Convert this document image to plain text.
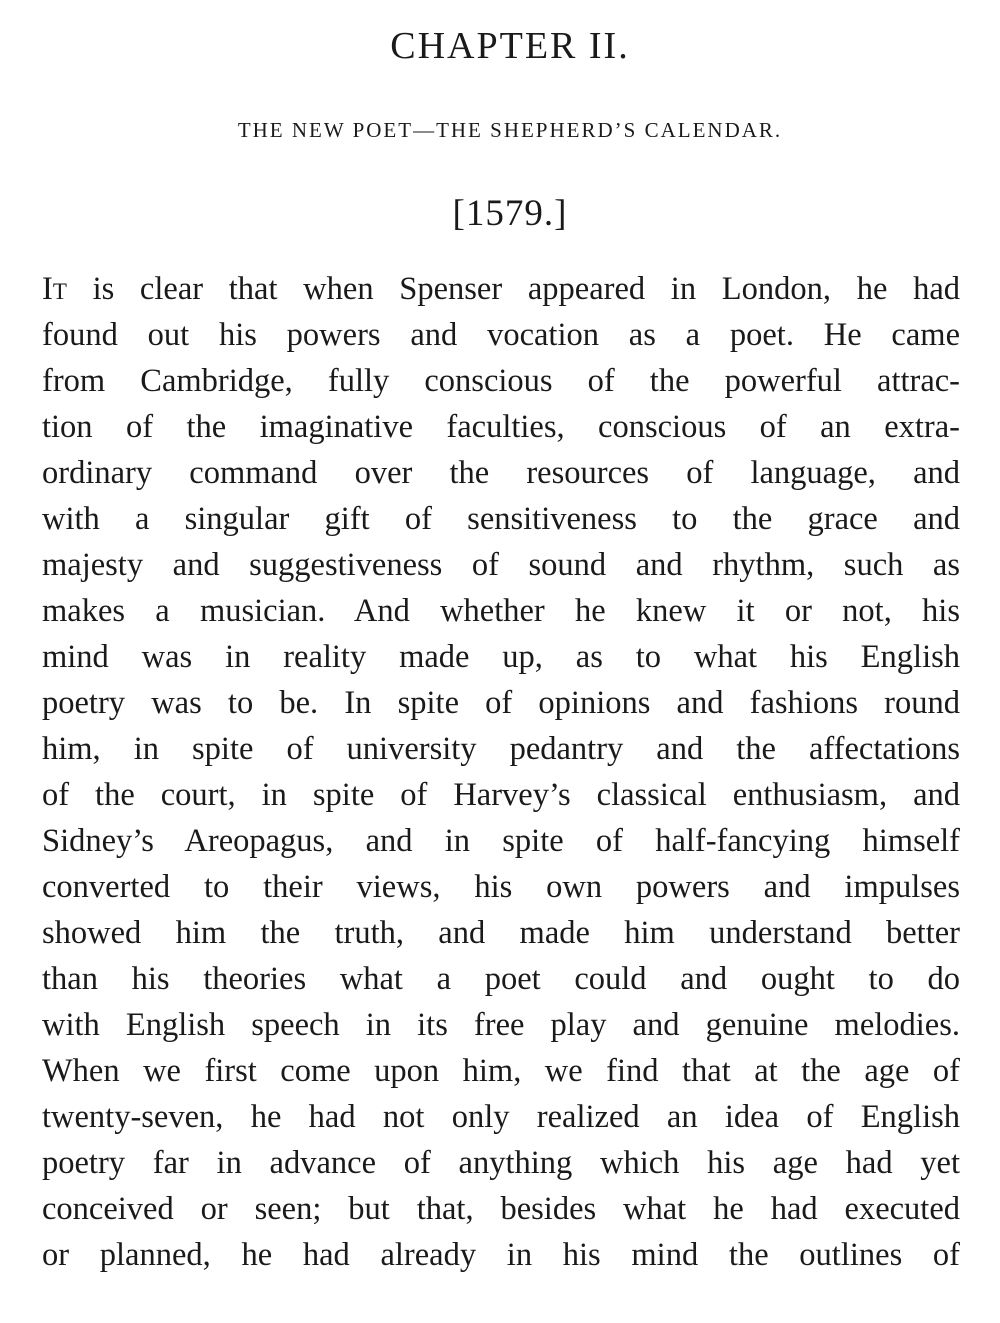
CHAPTER II.
THE NEW POET—THE SHEPHERD’S CALENDAR.
[1579.]
It is clear that when Spenser appeared in London, he had
found out his powers and vocation as a poet. He came
from Cambridge, fully conscious of the powerful attrac-
tion of the imaginative faculties, conscious of an extra-
ordinary command over the resources of language, and
with a singular gift of sensitiveness to the grace and
majesty and suggestiveness of sound and rhythm, such as
makes a musician. And whether he knew it or not, his
mind was in reality made up, as to what his English
poetry was to be. In spite of opinions and fashions round
him, in spite of university pedantry and the affectations
of the court, in spite of Harvey’s classical enthusiasm, and
Sidney’s Areopagus, and in spite of half-fancying himself
converted to their views, his own powers and impulses
showed him the truth, and made him understand better
than his theories what a poet could and ought to do
with English speech in its free play and genuine melodies.
When we first come upon him, we find that at the age of
twenty-seven, he had not only realized an idea of English
poetry far in advance of anything which his age had yet
conceived or seen; but that, besides what he had executed
or planned, he had already in his mind the outlines of
